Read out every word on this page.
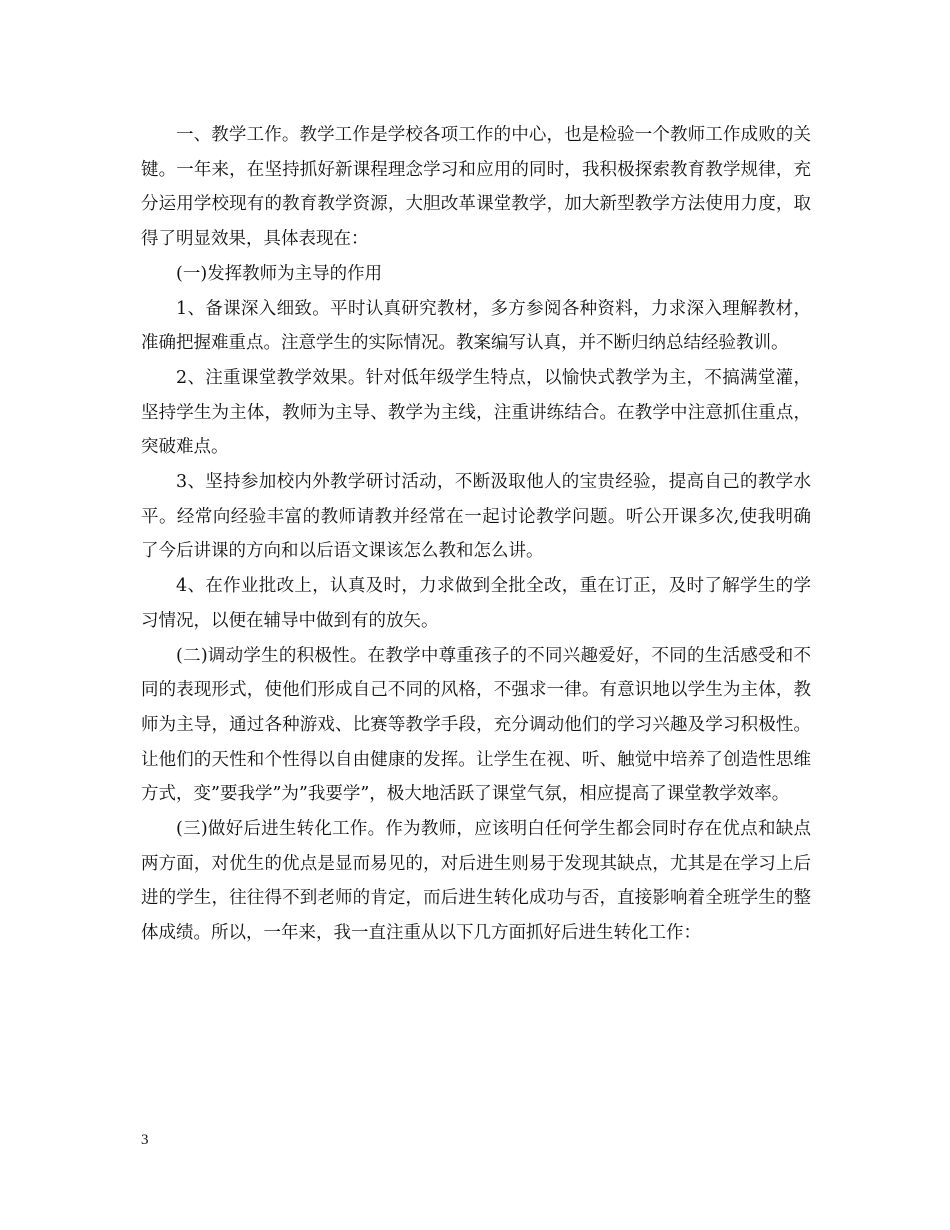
一、教学工作。教学工作是学校各项工作的中心，也是检验一个教师工作成败的关键。一年来，在坚持抓好新课程理念学习和应用的同时，我积极探索教育教学规律，充分运用学校现有的教育教学资源，大胆改革课堂教学，加大新型教学方法使用力度，取得了明显效果，具体表现在：

(一)发挥教师为主导的作用

1、备课深入细致。平时认真研究教材，多方参阅各种资料，力求深入理解教材，准确把握难重点。注意学生的实际情况。教案编写认真，并不断归纳总结经验教训。

2、注重课堂教学效果。针对低年级学生特点，以愉快式教学为主，不搞满堂灌，坚持学生为主体，教师为主导、教学为主线，注重讲练结合。在教学中注意抓住重点，突破难点。

3、坚持参加校内外教学研讨活动，不断汲取他人的宝贵经验，提高自己的教学水平。经常向经验丰富的教师请教并经常在一起讨论教学问题。听公开课多次,使我明确了今后讲课的方向和以后语文课该怎么教和怎么讲。

4、在作业批改上，认真及时，力求做到全批全改，重在订正，及时了解学生的学习情况，以便在辅导中做到有的放矢。

(二)调动学生的积极性。在教学中尊重孩子的不同兴趣爱好，不同的生活感受和不同的表现形式，使他们形成自己不同的风格，不强求一律。有意识地以学生为主体，教师为主导，通过各种游戏、比赛等教学手段，充分调动他们的学习兴趣及学习积极性。让他们的天性和个性得以自由健康的发挥。让学生在视、听、触觉中培养了创造性思维方式，变”要我学”为”我要学”，极大地活跃了课堂气氛，相应提高了课堂教学效率。

(三)做好后进生转化工作。作为教师，应该明白任何学生都会同时存在优点和缺点两方面，对优生的优点是显而易见的，对后进生则易于发现其缺点，尤其是在学习上后进的学生，往往得不到老师的肯定，而后进生转化成功与否，直接影响着全班学生的整体成绩。所以，一年来，我一直注重从以下几方面抓好后进生转化工作：

3
